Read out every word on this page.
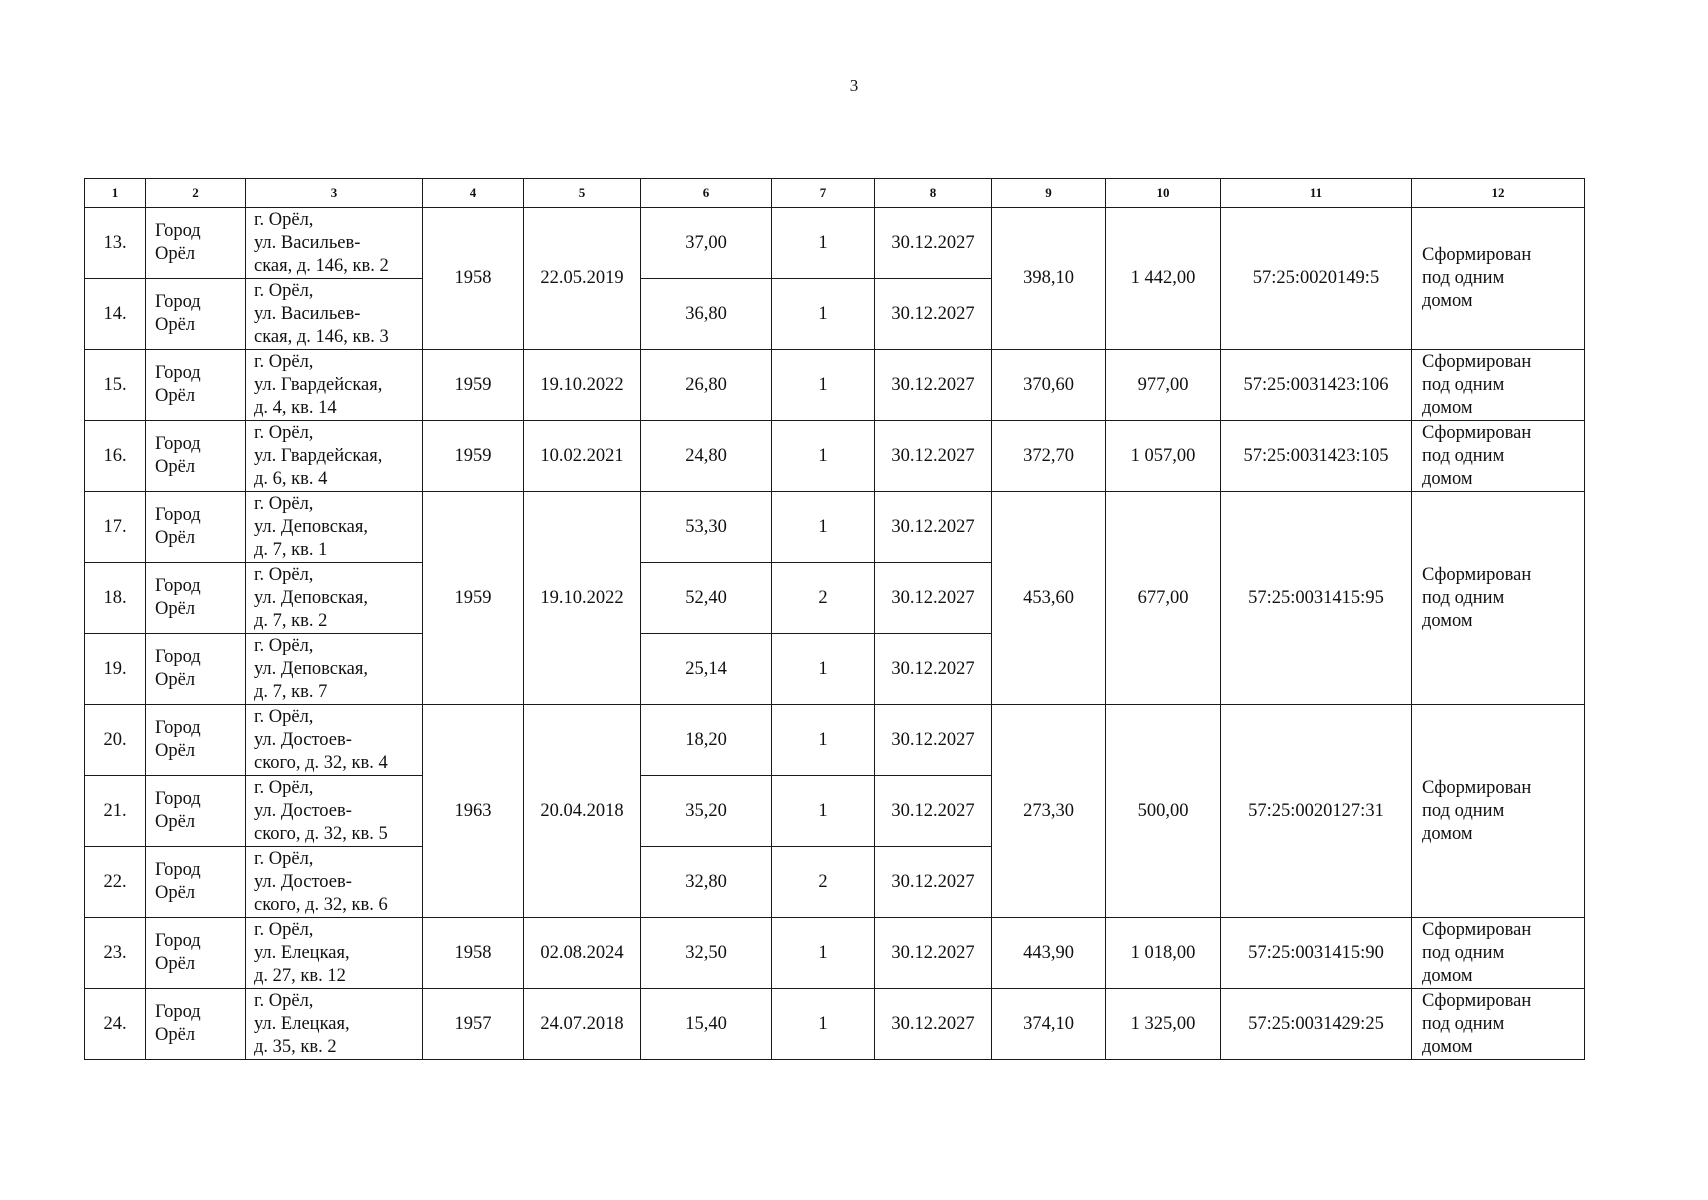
3
1	2	3	4	5	6	7	8	9	10	11	12
13.	Город Орёл	г. Орёл,
ул. Васильев-
ская, д. 146, кв. 2	1958	22.05.2019	37,00	1	30.12.2027	398,10	1 442,00	57:25:0020149:5	Сформирован
под одним
домом

14.	Город Орёл	г. Орёл,
ул. Васильев-
ская, д. 146, кв. 3			36,80	1	30.12.2027				
15.	Город Орёл	г. Орёл,
ул. Гвардейская,
д. 4, кв. 14	1959	19.10.2022	26,80	1	30.12.2027	370,60	977,00	57:25:0031423:106	Сформирован
под одним
домом

16.	Город Орёл	г. Орёл,
ул. Гвардейская,
д. 6, кв. 4	1959	10.02.2021	24,80	1	30.12.2027	372,70	1 057,00	57:25:0031423:105	Сформирован
под одним
домом

17.	Город Орёл	г. Орёл,
ул. Деповская,
д. 7, кв. 1	1959	19.10.2022	53,30	1	30.12.2027	453,60	677,00	57:25:0031415:95	Сформирован
под одним
домом

18.	Город Орёл	г. Орёл,
ул. Деповская,
д. 7, кв. 2			52,40	2	30.12.2027				
19.	Город Орёл	г. Орёл,
ул. Деповская,
д. 7, кв. 7			25,14	1	30.12.2027				
20.	Город Орёл	г. Орёл,
ул. Достоев-
ского, д. 32, кв. 4	1963	20.04.2018	18,20	1	30.12.2027	273,30	500,00	57:25:0020127:31	Сформирован
под одним
домом

21.	Город Орёл	г. Орёл,
ул. Достоев-
ского, д. 32, кв. 5			35,20	1	30.12.2027				
22.	Город Орёл	г. Орёл,
ул. Достоев-
ского, д. 32, кв. 6			32,80	2	30.12.2027				
23.	Город Орёл	г. Орёл,
ул. Елецкая,
д. 27, кв. 12	1958	02.08.2024	32,50	1	30.12.2027	443,90	1 018,00	57:25:0031415:90	Сформирован
под одним
домом

24.	Город Орёл	г. Орёл,
ул. Елецкая,
д. 35, кв. 2	1957	24.07.2018	15,40	1	30.12.2027	374,10	1 325,00	57:25:0031429:25	Сформирован
под одним
домом
